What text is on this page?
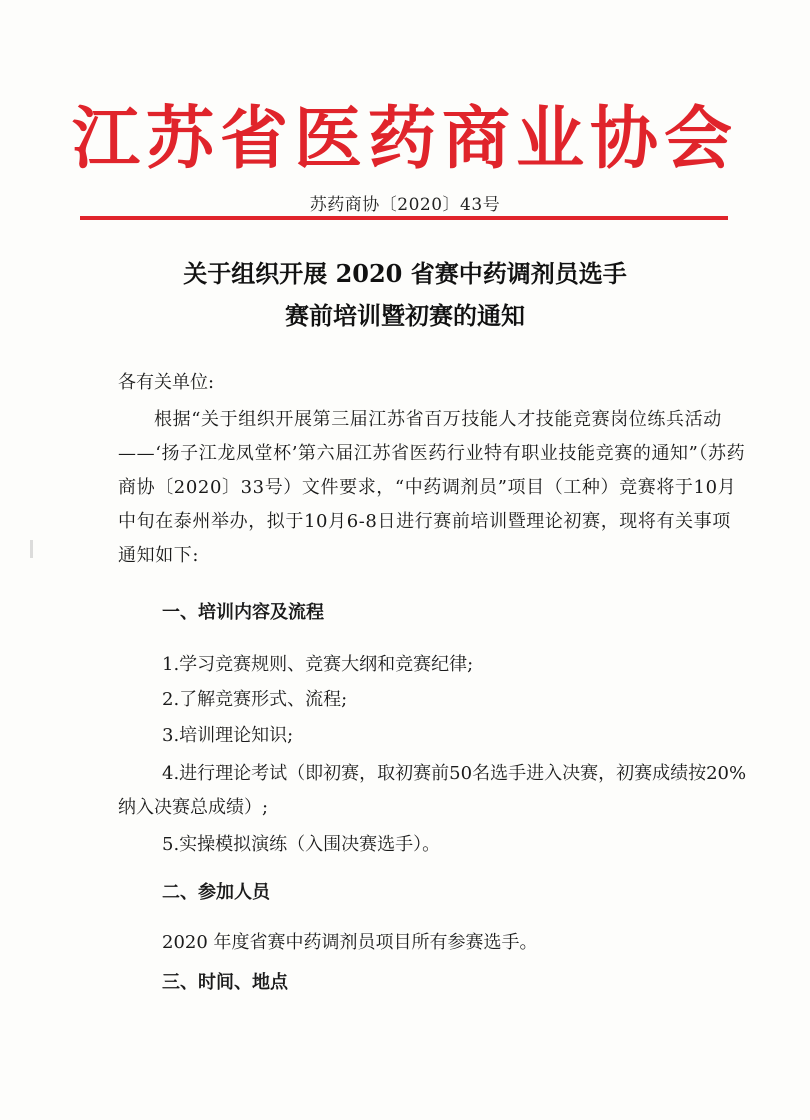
江苏省医药商业协会
苏药商协〔2020〕43号
关于组织开展 2020 省赛中药调剂员选手
赛前培训暨初赛的通知
各有关单位:
根据“关于组织开展第三届江苏省百万技能人才技能竞赛岗位练兵活动——‘扬子江龙凤堂杯’第六届江苏省医药行业特有职业技能竞赛的通知”（苏药商协〔2020〕33号）文件要求，“中药调剂员”项目（工种）竞赛将于10月中旬在泰州举办，拟于10月6-8日进行赛前培训暨理论初赛，现将有关事项通知如下:
一、培训内容及流程
1.学习竞赛规则、竞赛大纲和竞赛纪律;
2.了解竞赛形式、流程;
3.培训理论知识;
4.进行理论考试（即初赛，取初赛前50名选手进入决赛，初赛成绩按20%纳入决赛总成绩）;
5.实操模拟演练（入围决赛选手）。
二、参加人员
2020 年度省赛中药调剂员项目所有参赛选手。
三、时间、地点
